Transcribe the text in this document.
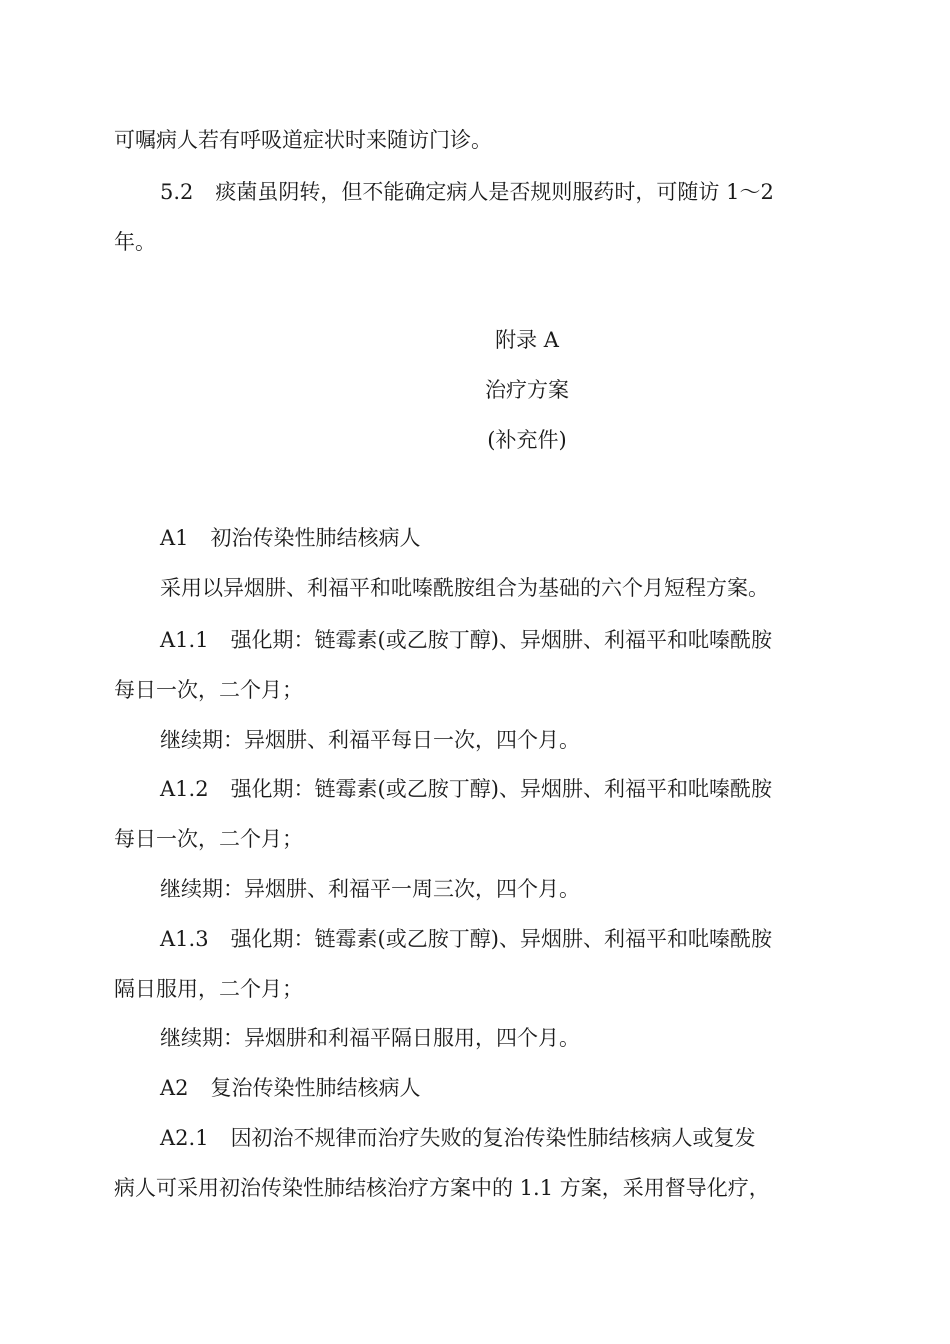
可嘱病人若有呼吸道症状时来随访门诊。
5.2 痰菌虽阴转，但不能确定病人是否规则服药时，可随访 1～2
年。
附录 A
治疗方案
(补充件)
A1 初治传染性肺结核病人
采用以异烟肼、利福平和吡嗪酰胺组合为基础的六个月短程方案。
A1.1 强化期：链霉素(或乙胺丁醇)、异烟肼、利福平和吡嗪酰胺
每日一次，二个月；
继续期：异烟肼、利福平每日一次，四个月。
A1.2 强化期：链霉素(或乙胺丁醇)、异烟肼、利福平和吡嗪酰胺
每日一次，二个月；
继续期：异烟肼、利福平一周三次，四个月。
A1.3 强化期：链霉素(或乙胺丁醇)、异烟肼、利福平和吡嗪酰胺
隔日服用，二个月；
继续期：异烟肼和利福平隔日服用，四个月。
A2 复治传染性肺结核病人
A2.1 因初治不规律而治疗失败的复治传染性肺结核病人或复发
病人可采用初治传染性肺结核治疗方案中的 1.1 方案，采用督导化疗，
